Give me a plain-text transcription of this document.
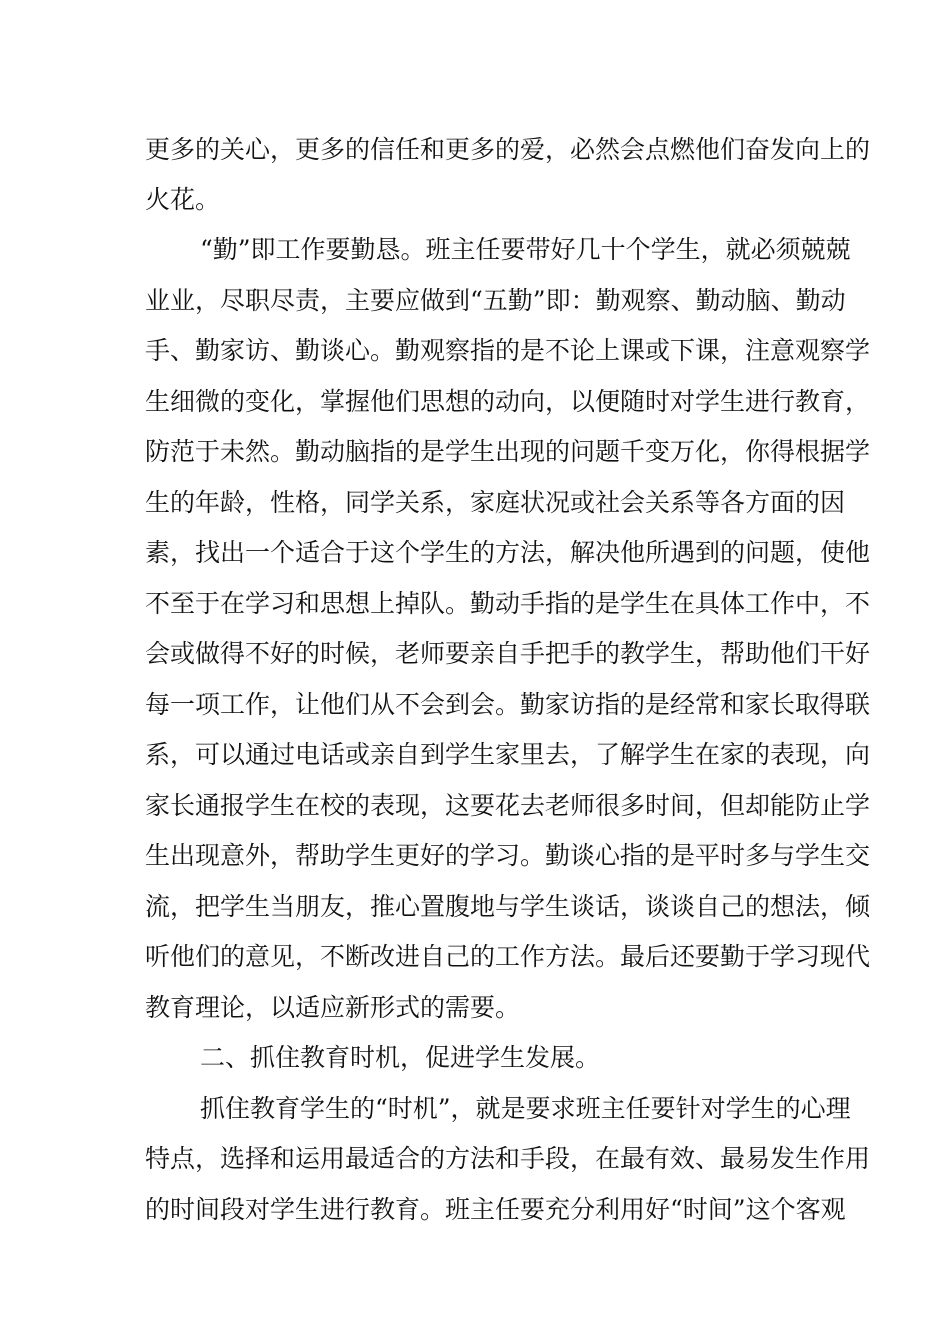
更多的关心，更多的信任和更多的爱，必然会点燃他们奋发向上的
火花。
“勤”即工作要勤恳。班主任要带好几十个学生，就必须兢兢
业业，尽职尽责，主要应做到“五勤”即：勤观察、勤动脑、勤动
手、勤家访、勤谈心。勤观察指的是不论上课或下课，注意观察学
生细微的变化，掌握他们思想的动向，以便随时对学生进行教育，
防范于未然。勤动脑指的是学生出现的问题千变万化，你得根据学
生的年龄，性格，同学关系，家庭状况或社会关系等各方面的因
素，找出一个适合于这个学生的方法，解决他所遇到的问题，使他
不至于在学习和思想上掉队。勤动手指的是学生在具体工作中，不
会或做得不好的时候，老师要亲自手把手的教学生，帮助他们干好
每一项工作，让他们从不会到会。勤家访指的是经常和家长取得联
系，可以通过电话或亲自到学生家里去，了解学生在家的表现，向
家长通报学生在校的表现，这要花去老师很多时间，但却能防止学
生出现意外，帮助学生更好的学习。勤谈心指的是平时多与学生交
流，把学生当朋友，推心置腹地与学生谈话，谈谈自己的想法，倾
听他们的意见，不断改进自己的工作方法。最后还要勤于学习现代
教育理论，以适应新形式的需要。
二、抓住教育时机，促进学生发展。
抓住教育学生的“时机”，就是要求班主任要针对学生的心理
特点，选择和运用最适合的方法和手段，在最有效、最易发生作用
的时间段对学生进行教育。班主任要充分利用好“时间”这个客观
